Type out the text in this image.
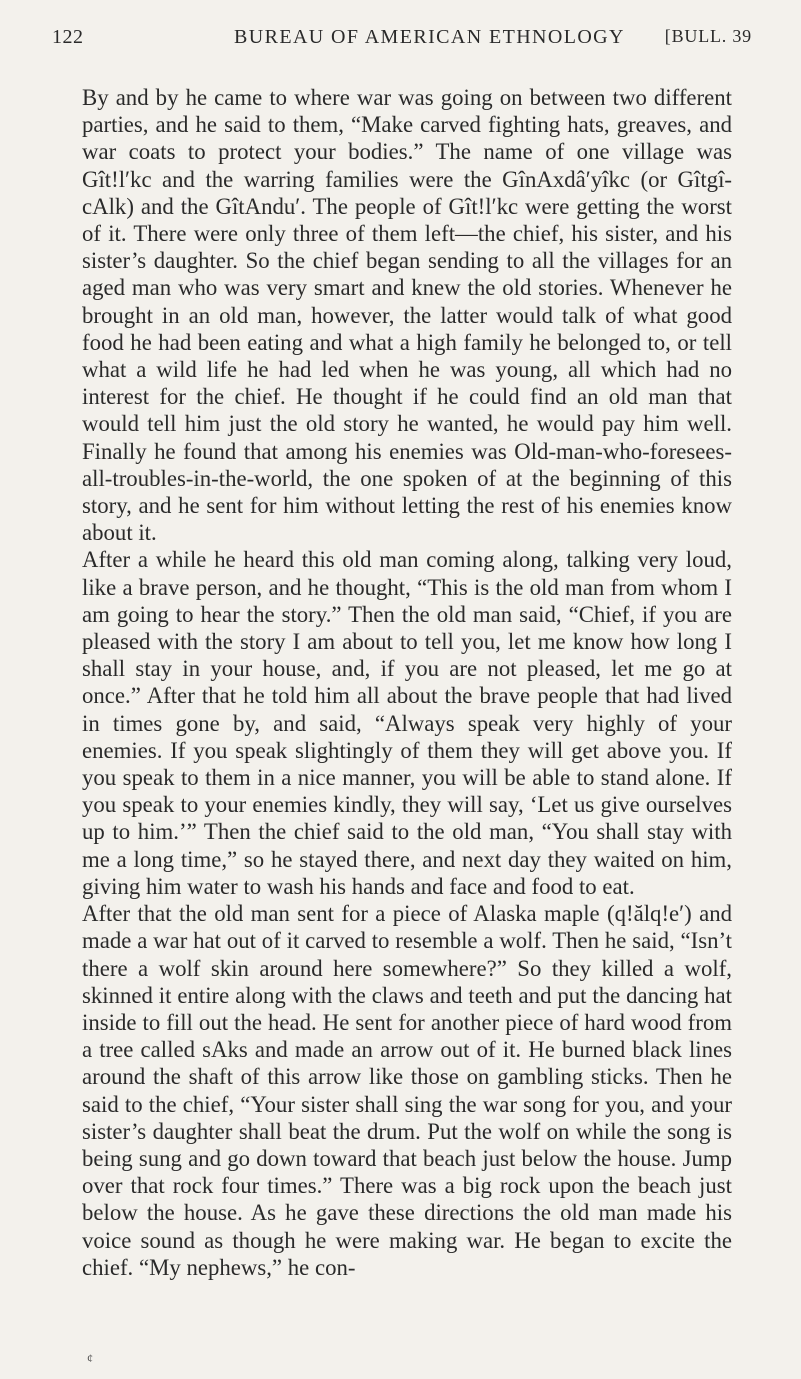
122	BUREAU OF AMERICAN ETHNOLOGY [BULL. 39

By and by he came to where war was going on between two different parties, and he said to them, “Make carved fighting hats, greaves, and war coats to protect your bodies.” The name of one village was Gît!l′kc and the warring families were the GînAxdâ′yîkc (or Gîtgî-cAlk) and the GîtAndu′. The people of Gît!l′kc were getting the worst of it. There were only three of them left—the chief, his sister, and his sister’s daughter. So the chief began sending to all the villages for an aged man who was very smart and knew the old stories. Whenever he brought in an old man, however, the latter would talk of what good food he had been eating and what a high family he belonged to, or tell what a wild life he had led when he was young, all which had no interest for the chief. He thought if he could find an old man that would tell him just the old story he wanted, he would pay him well. Finally he found that among his enemies was Old-man-who-foresees-all-troubles-in-the-world, the one spoken of at the beginning of this story, and he sent for him without letting the rest of his enemies know about it.

After a while he heard this old man coming along, talking very loud, like a brave person, and he thought, “This is the old man from whom I am going to hear the story.” Then the old man said, “Chief, if you are pleased with the story I am about to tell you, let me know how long I shall stay in your house, and, if you are not pleased, let me go at once.” After that he told him all about the brave people that had lived in times gone by, and said, “Always speak very highly of your enemies. If you speak slightingly of them they will get above you. If you speak to them in a nice manner, you will be able to stand alone. If you speak to your enemies kindly, they will say, ‘Let us give ourselves up to him.’” Then the chief said to the old man, “You shall stay with me a long time,” so he stayed there, and next day they waited on him, giving him water to wash his hands and face and food to eat.

After that the old man sent for a piece of Alaska maple (q!ălq!e′) and made a war hat out of it carved to resemble a wolf. Then he said, “Isn’t there a wolf skin around here somewhere?” So they killed a wolf, skinned it entire along with the claws and teeth and put the dancing hat inside to fill out the head. He sent for another piece of hard wood from a tree called sAks and made an arrow out of it. He burned black lines around the shaft of this arrow like those on gambling sticks. Then he said to the chief, “Your sister shall sing the war song for you, and your sister’s daughter shall beat the drum. Put the wolf on while the song is being sung and go down toward that beach just below the house. Jump over that rock four times.” There was a big rock upon the beach just below the house. As he gave these directions the old man made his voice sound as though he were making war. He began to excite the chief. “My nephews,” he con-

¢
